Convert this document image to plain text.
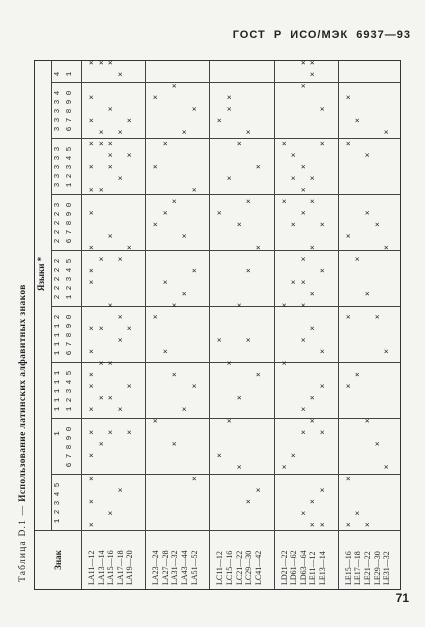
ГОСТ  Р  ИСО/МЭК  6937—93
Таблица D.1 — Использование латинских алфавитных знаков
Знак
Языки *
1 2 3 4 5
1
6 7 8 9 0
1 1 1 1 1
1 2 3 4 5
1 1 1 1 2
6 7 8 9 0
2 2 2 2 2
1 2 3 4 5
2 2 2 2 3
6 7 8 9 0
3 3 3 3 3
1 2 3 4 5
3 3 3 3 4
6 7 8 9 0
4
1
LA11—12
LA13—14
LA15—16
LA17—18
LA19—20 LA23—24
LA27—28
LA31—32
LA43—44
LA51—52 LC11—12
LC15—16
LC21—22
LC29—30
LC41—42 LD21—22
LD61—62
LD63—64
LE11—12
LE13—14 LE15—16
LE17—18
LE21—22
LE29—30
LE31—32
×
×
×
×
×
×
×
×
×
×
×
×
×
×
×
×
×
×
×
×
×
×
×
×
×
×
×
×
×
×
×
×
×
×
×
×
×
×
×
×
×
×
×
×
×
×
×
×
×
×
×
×
×
×
×
×
×
×
×
×
×
×
×
×
×
×
×
×
×
×
×
×
×
×
×
×
×
×
×
×
×
×
×
×
×
×
×
×
×
×
×
×
×
×
×
×
×
×
×
×
×
×
×
×
×
×
×
×
×
×
×
×
×
×
×
×
×
×
×
×
×
×
×
×
×
×
×
×
×
×
×
×
×
×
×
×
×
×
×
×
×
×
×
×
×
×
×
×
×
×
×
×
×
×
×
×
×
×
×
×
×
×
×
×
×
71
